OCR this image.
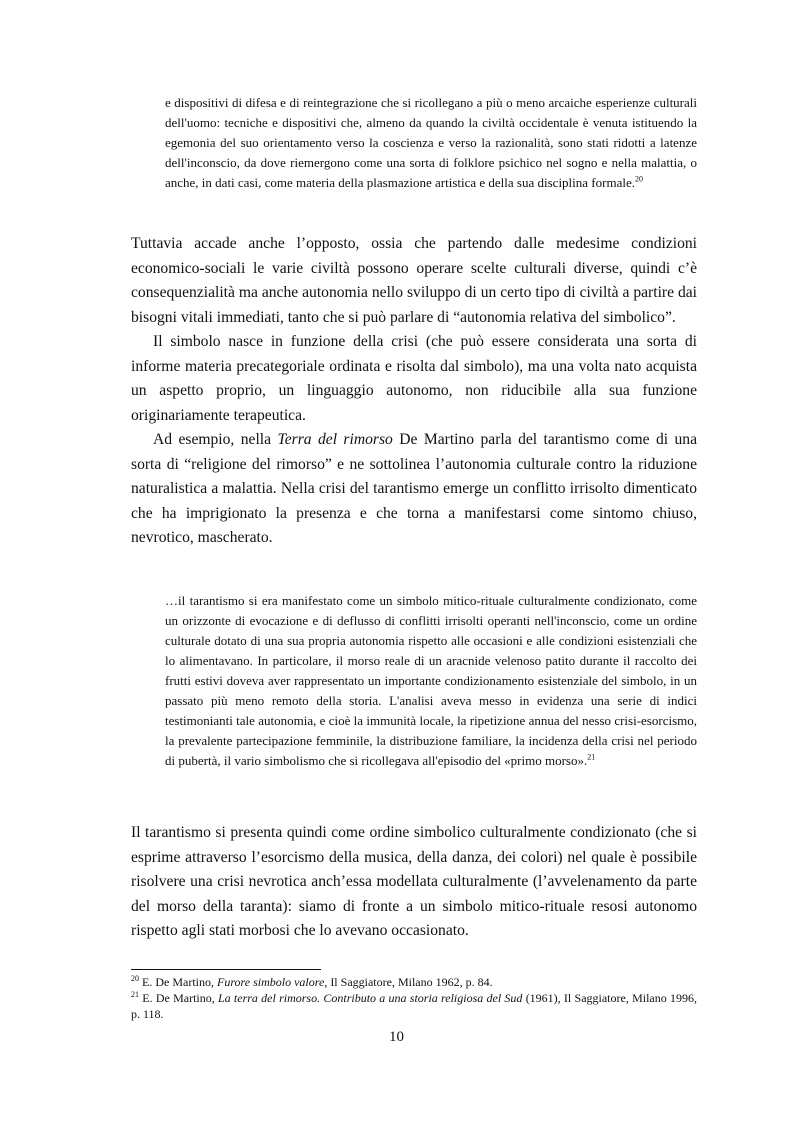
e dispositivi di difesa e di reintegrazione che si ricollegano a più o meno arcaiche esperienze culturali dell'uomo: tecniche e dispositivi che, almeno da quando la civiltà occidentale è venuta istituendo la egemonia del suo orientamento verso la coscienza e verso la razionalità, sono stati ridotti a latenze dell'inconscio, da dove riemergono come una sorta di folklore psichico nel sogno e nella malattia, o anche, in dati casi, come materia della plasmazione artistica e della sua disciplina formale.$^{20}$

Tuttavia accade anche l’opposto, ossia che partendo dalle medesime condizioni economico-sociali le varie civiltà possono operare scelte culturali diverse, quindi c’è consequenzialità ma anche autonomia nello sviluppo di un certo tipo di civiltà a partire dai bisogni vitali immediati, tanto che si può parlare di “autonomia relativa del simbolico”.

Il simbolo nasce in funzione della crisi (che può essere considerata una sorta di informe materia precategoriale ordinata e risolta dal simbolo), ma una volta nato acquista un aspetto proprio, un linguaggio autonomo, non riducibile alla sua funzione originariamente terapeutica.

Ad esempio, nella Terra del rimorso De Martino parla del tarantismo come di una sorta di “religione del rimorso” e ne sottolinea l’autonomia culturale contro la riduzione naturalistica a malattia. Nella crisi del tarantismo emerge un conflitto irrisolto dimenticato che ha imprigionato la presenza e che torna a manifestarsi come sintomo chiuso, nevrotico, mascherato.

…il tarantismo si era manifestato come un simbolo mitico-rituale culturalmente condizionato, come un orizzonte di evocazione e di deflusso di conflitti irrisolti operanti nell'inconscio, come un ordine culturale dotato di una sua propria autonomia rispetto alle occasioni e alle condizioni esistenziali che lo alimentavano. In particolare, il morso reale di un aracnide velenoso patito durante il raccolto dei frutti estivi doveva aver rappresentato un importante condizionamento esistenziale del simbolo, in un passato più meno remoto della storia. L'analisi aveva messo in evidenza una serie di indici testimonianti tale autonomia, e cioè la immunità locale, la ripetizione annua del nesso crisi-esorcismo, la prevalente partecipazione femminile, la distribuzione familiare, la incidenza della crisi nel periodo di pubertà, il vario simbolismo che si ricollegava all'episodio del «primo morso».$^{21}$

Il tarantismo si presenta quindi come ordine simbolico culturalmente condizionato (che si esprime attraverso l’esorcismo della musica, della danza, dei colori) nel quale è possibile risolvere una crisi nevrotica anch’essa modellata culturalmente (l’avvelenamento da parte del morso della taranta): siamo di fronte a un simbolo mitico-rituale resosi autonomo rispetto agli stati morbosi che lo avevano occasionato.

$^{20}$ E. De Martino, Furore simbolo valore, Il Saggiatore, Milano 1962, p. 84.

$^{21}$ E. De Martino, La terra del rimorso. Contributo a una storia religiosa del Sud (1961), Il Saggiatore, Milano 1996, p. 118.

10
